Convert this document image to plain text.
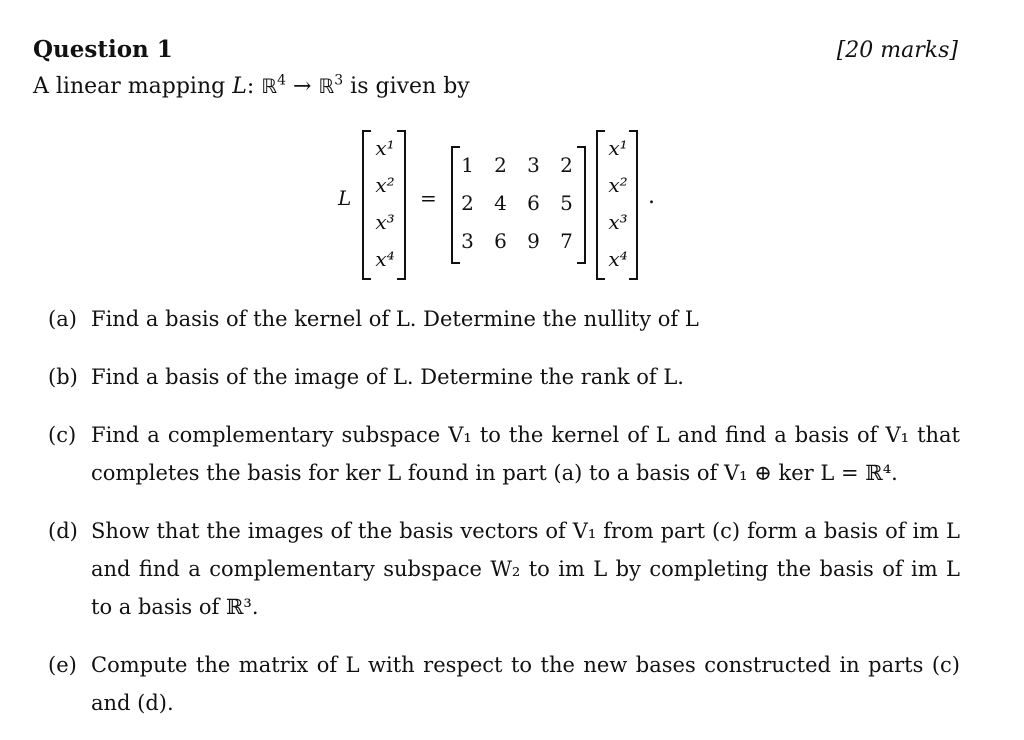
Question 1	[20 marks]
A linear mapping L: ℝ$^4$ → ℝ$^3$ is given by
L
x¹
x²
x³
x⁴
=
1 2 3 2
2 4 6 5
3 6 9 7
x¹
x²
x³
x⁴
.
(a) Find a basis of the kernel of L. Determine the nullity of L
(b) Find a basis of the image of L. Determine the rank of L.
(c) Find a complementary subspace V₁ to the kernel of L and find a basis of V₁ that completes the basis for ker L found in part (a) to a basis of V₁ ⊕ ker L = ℝ⁴.
(d) Show that the images of the basis vectors of V₁ from part (c) form a basis of im L and find a complementary subspace W₂ to im L by completing the basis of im L to a basis of ℝ³.
(e) Compute the matrix of L with respect to the new bases constructed in parts (c) and (d).
